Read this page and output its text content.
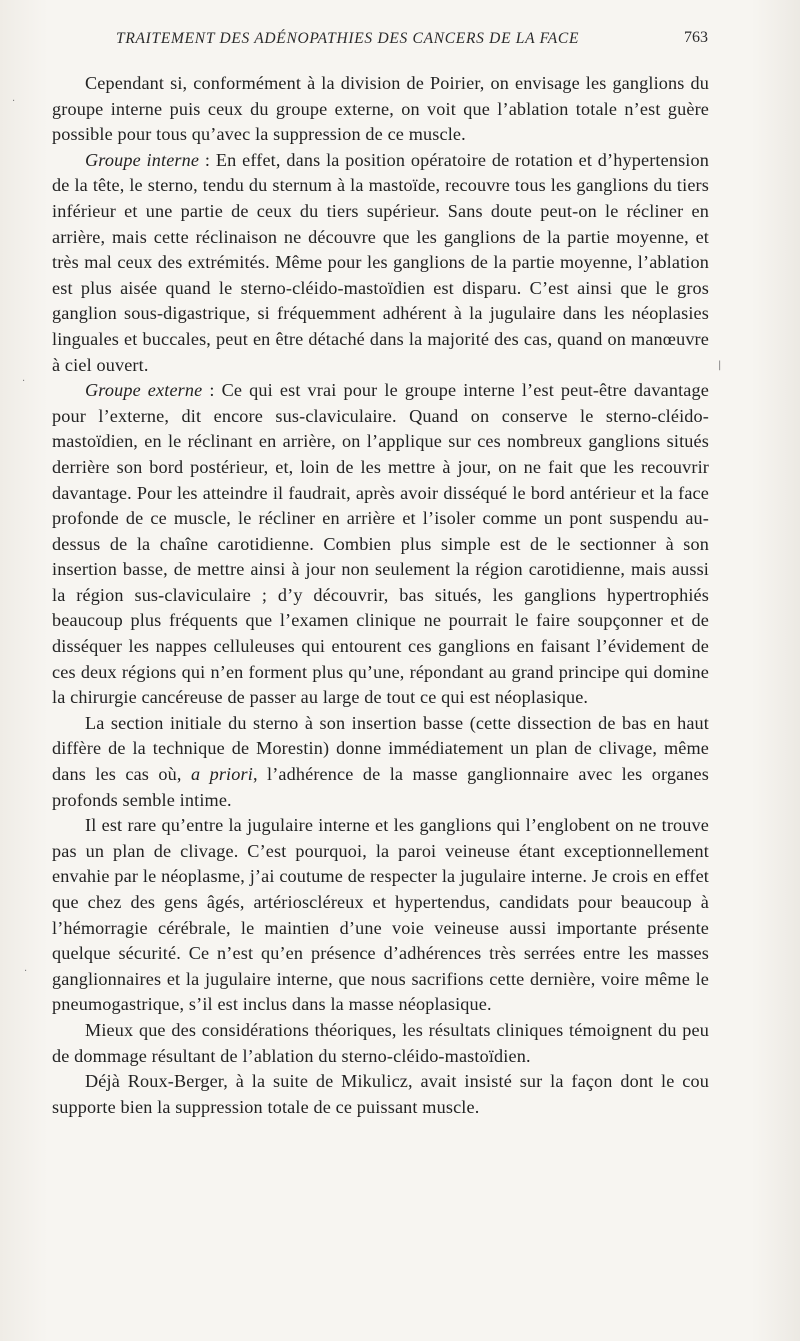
TRAITEMENT DES ADÉNOPATHIES DES CANCERS DE LA FACE	763

Cependant si, conformément à la division de Poirier, on envisage les ganglions du groupe interne puis ceux du groupe externe, on voit que l’ablation totale n’est guère possible pour tous qu’avec la suppression de ce muscle.

Groupe interne : En effet, dans la position opératoire de rotation et d’hypertension de la tête, le sterno, tendu du sternum à la mastoïde, recouvre tous les ganglions du tiers inférieur et une partie de ceux du tiers supérieur. Sans doute peut-on le récliner en arrière, mais cette réclinaison ne découvre que les ganglions de la partie moyenne, et très mal ceux des extrémités. Même pour les ganglions de la partie moyenne, l’ablation est plus aisée quand le sterno-cléido-mastoïdien est disparu. C’est ainsi que le gros ganglion sous-digastrique, si fréquemment adhérent à la jugulaire dans les néoplasies linguales et buccales, peut en être détaché dans la majorité des cas, quand on manœuvre à ciel ouvert.

Groupe externe : Ce qui est vrai pour le groupe interne l’est peut-être davantage pour l’externe, dit encore sus-claviculaire. Quand on conserve le sterno-cléido-mastoïdien, en le réclinant en arrière, on l’applique sur ces nombreux ganglions situés derrière son bord postérieur, et, loin de les mettre à jour, on ne fait que les recouvrir davantage. Pour les atteindre il faudrait, après avoir disséqué le bord antérieur et la face profonde de ce muscle, le récliner en arrière et l’isoler comme un pont suspendu au-dessus de la chaîne carotidienne. Combien plus simple est de le sectionner à son insertion basse, de mettre ainsi à jour non seulement la région carotidienne, mais aussi la région sus-claviculaire ; d’y découvrir, bas situés, les ganglions hypertrophiés beaucoup plus fréquents que l’examen clinique ne pourrait le faire soupçonner et de disséquer les nappes celluleuses qui entourent ces ganglions en faisant l’évidement de ces deux régions qui n’en forment plus qu’une, répondant au grand principe qui domine la chirurgie cancéreuse de passer au large de tout ce qui est néoplasique.

La section initiale du sterno à son insertion basse (cette dissection de bas en haut diffère de la technique de Morestin) donne immédiatement un plan de clivage, même dans les cas où, a priori, l’adhérence de la masse ganglionnaire avec les organes profonds semble intime.

Il est rare qu’entre la jugulaire interne et les ganglions qui l’englobent on ne trouve pas un plan de clivage. C’est pourquoi, la paroi veineuse étant exceptionnellement envahie par le néoplasme, j’ai coutume de respecter la jugulaire interne. Je crois en effet que chez des gens âgés, artérioscléreux et hypertendus, candidats pour beaucoup à l’hémorragie cérébrale, le maintien d’une voie veineuse aussi importante présente quelque sécurité. Ce n’est qu’en présence d’adhérences très serrées entre les masses ganglionnaires et la jugulaire interne, que nous sacrifions cette dernière, voire même le pneumogastrique, s’il est inclus dans la masse néoplasique.

Mieux que des considérations théoriques, les résultats cliniques témoignent du peu de dommage résultant de l’ablation du sterno-cléido-mastoïdien.

Déjà Roux-Berger, à la suite de Mikulicz, avait insisté sur la façon dont le cou supporte bien la suppression totale de ce puissant muscle.

·
·
·
|
